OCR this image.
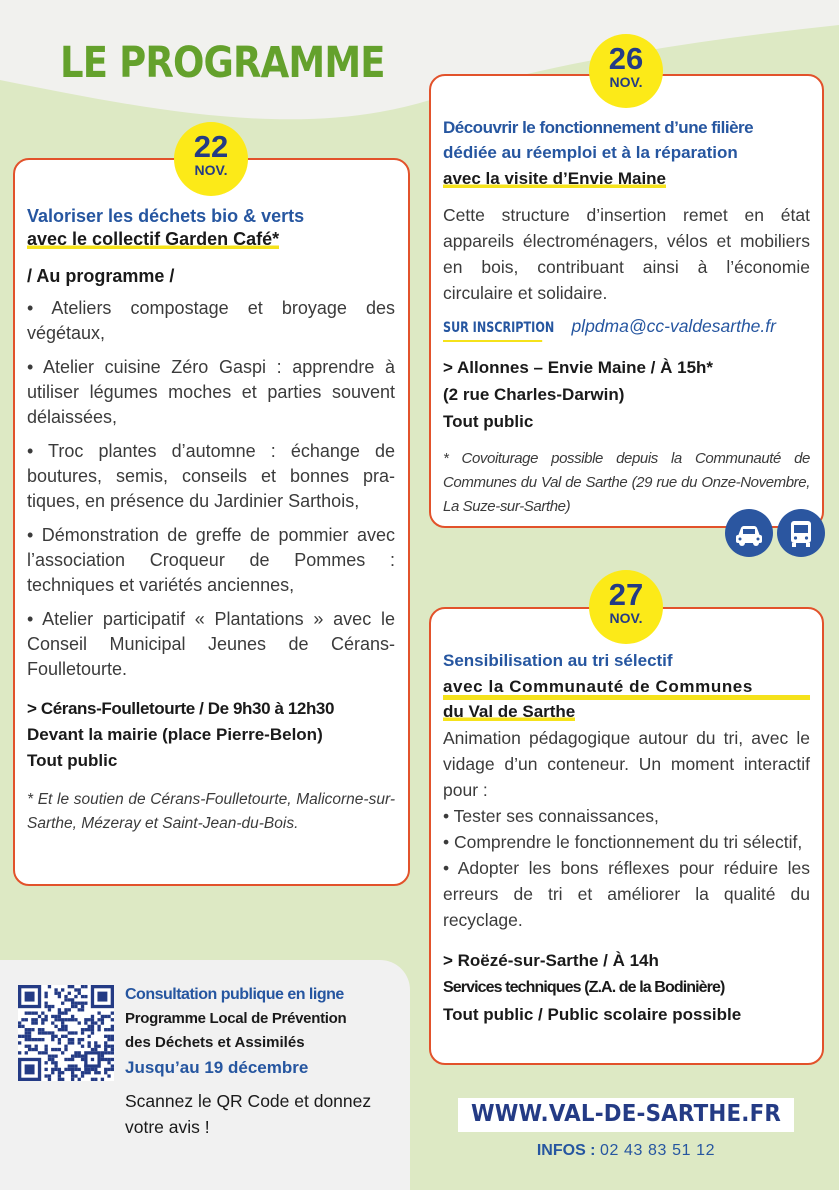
LE PROGRAMME
22
NOV.
Valoriser les déchets bio & verts
avec le collectif Garden Café*
/ Au programme /
• Ateliers compostage et broyage des végétaux,
• Atelier cuisine Zéro Gaspi : apprendre à utiliser légumes moches et parties souvent délaissées,
• Troc plantes d’automne : échange de boutures, semis, conseils et bonnes pra-tiques, en présence du Jardinier Sarthois,
• Démonstration de greffe de pommier avec l’association Croqueur de Pommes : techniques et variétés anciennes,
• Atelier participatif « Plantations » avec le Conseil Municipal Jeunes de Cérans-Foulletourte.
> Cérans-Foulletourte / De 9h30 à 12h30
Devant la mairie (place Pierre-Belon)
Tout public
* Et le soutien de Cérans-Foulletourte, Malicorne-sur-Sarthe, Mézeray et Saint-Jean-du-Bois.
26
NOV.
Découvrir le fonctionnement d’une filière
dédiée au réemploi et à la réparation
avec la visite d’Envie Maine
Cette structure d’insertion remet en état appareils électroménagers, vélos et mobiliers en bois, contribuant ainsi à l’économie circulaire et solidaire.
SUR INSCRIPTION plpdma@cc-valdesarthe.fr
> Allonnes – Envie Maine / À 15h*
(2 rue Charles-Darwin)
Tout public
* Covoiturage possible depuis la Communauté de Communes du Val de Sarthe (29 rue du Onze-Novembre, La Suze-sur-Sarthe)
27
NOV.
Sensibilisation au tri sélectif
avec la Communauté de Communes
du Val de Sarthe
Animation pédagogique autour du tri, avec le vidage d’un conteneur. Un moment interactif pour :
• Tester ses connaissances,
• Comprendre le fonctionnement du tri sélectif,
• Adopter les bons réflexes pour réduire les erreurs de tri et améliorer la qualité du recyclage.
> Roëzé-sur-Sarthe / À 14h
Services techniques (Z.A. de la Bodinière)
Tout public / Public scolaire possible
Consultation publique en ligne
Programme Local de Prévention
des Déchets et Assimilés
Jusqu’au 19 décembre
Scannez le QR Code et donnez votre avis !	WWW.VAL-DE-SARTHE.FR
INFOS : 02 43 83 51 12
